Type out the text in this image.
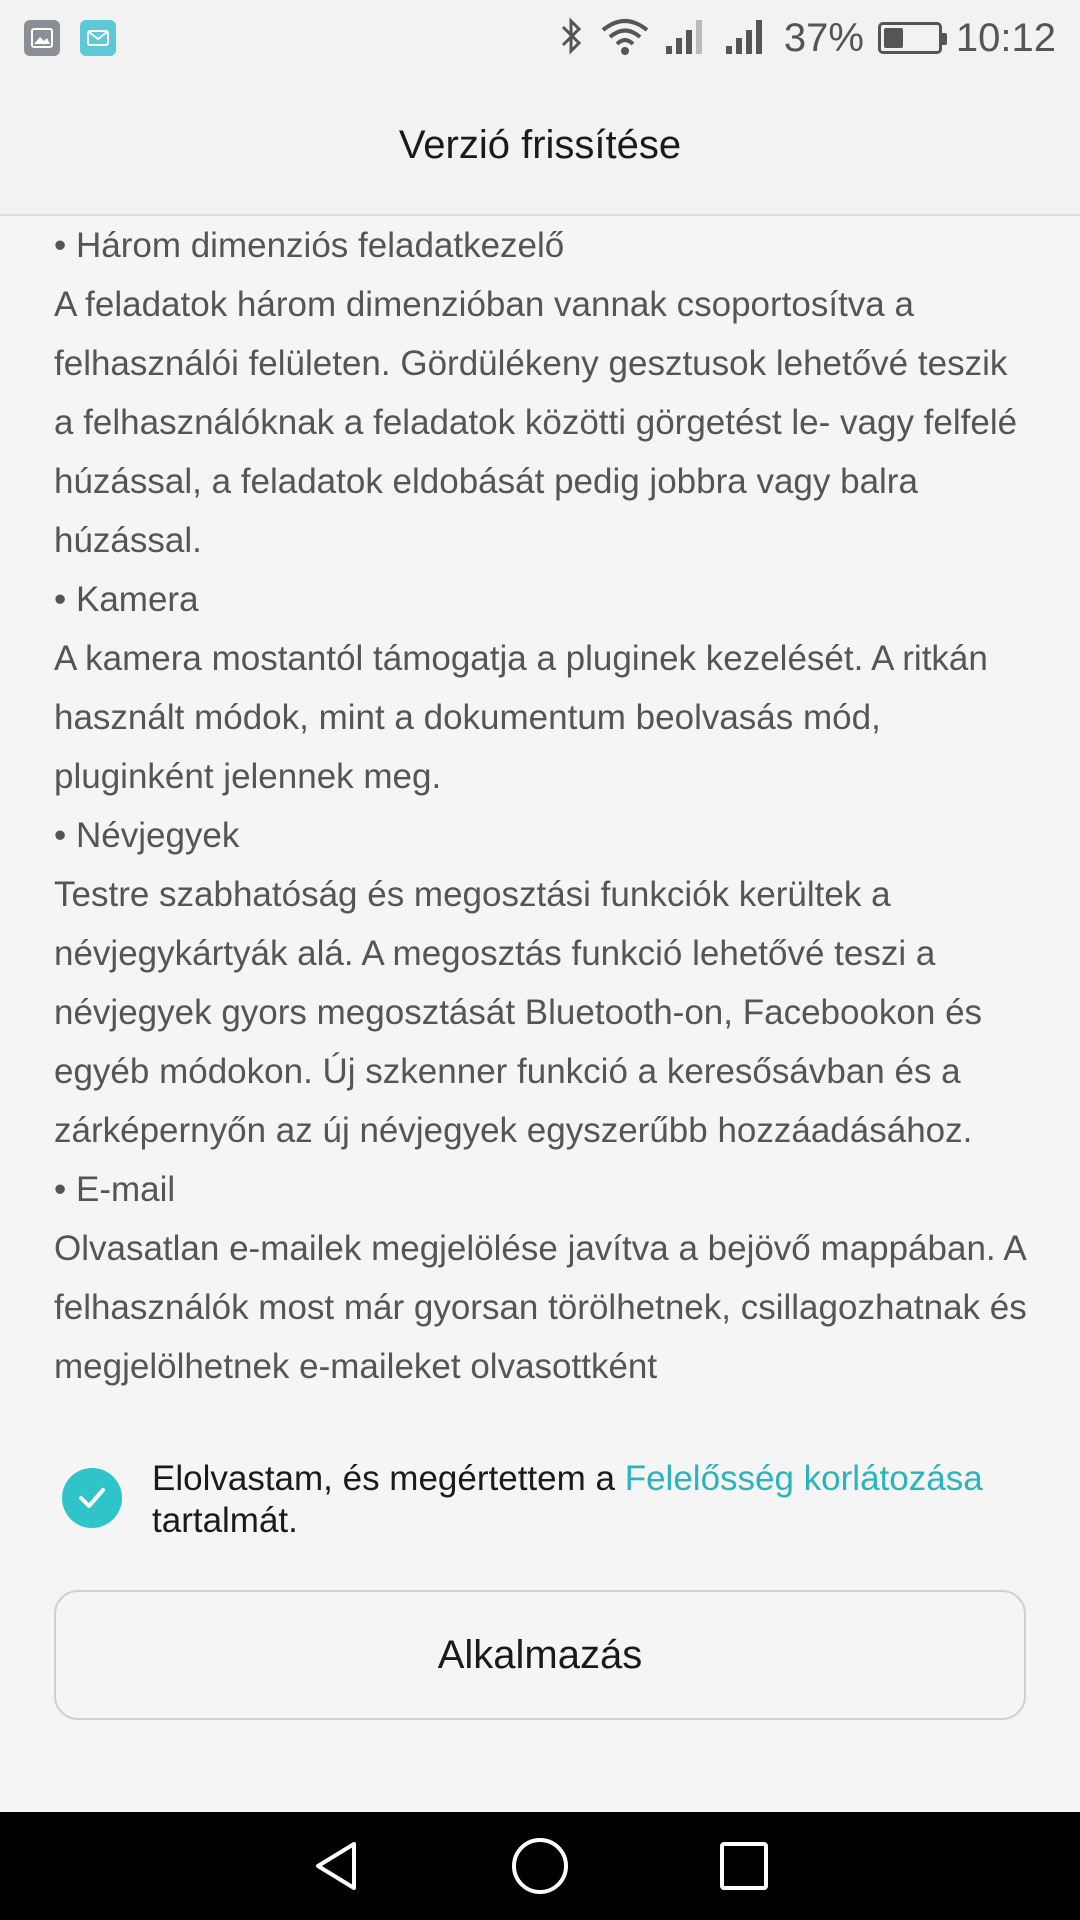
37% 10:12
Verzió frissítése

• Három dimenziós feladatkezelő

A feladatok három dimenzióban vannak csoportosítva a felhasználói felületen. Gördülékeny gesztusok lehetővé teszik a felhasználóknak a feladatok közötti görgetést le- vagy felfelé húzással, a feladatok eldobását pedig jobbra vagy balra húzással.

• Kamera

A kamera mostantól támogatja a pluginek kezelését. A ritkán használt módok, mint a dokumentum beolvasás mód, pluginként jelennek meg.

• Névjegyek

Testre szabhatóság és megosztási funkciók kerültek a névjegykártyák alá. A megosztás funkció lehetővé teszi a névjegyek gyors megosztását Bluetooth-on, Facebookon és egyéb módokon. Új szkenner funkció a keresősávban és a zárképernyőn az új névjegyek egyszerűbb hozzáadásához.

• E-mail

Olvasatlan e-mailek megjelölése javítva a bejövő mappában. A felhasználók most már gyorsan törölhetnek, csillagozhatnak és megjelölhetnek e-maileket olvasottként

Elolvastam, és megértettem a Felelősség korlátozása tartalmát.
Alkalmazás
